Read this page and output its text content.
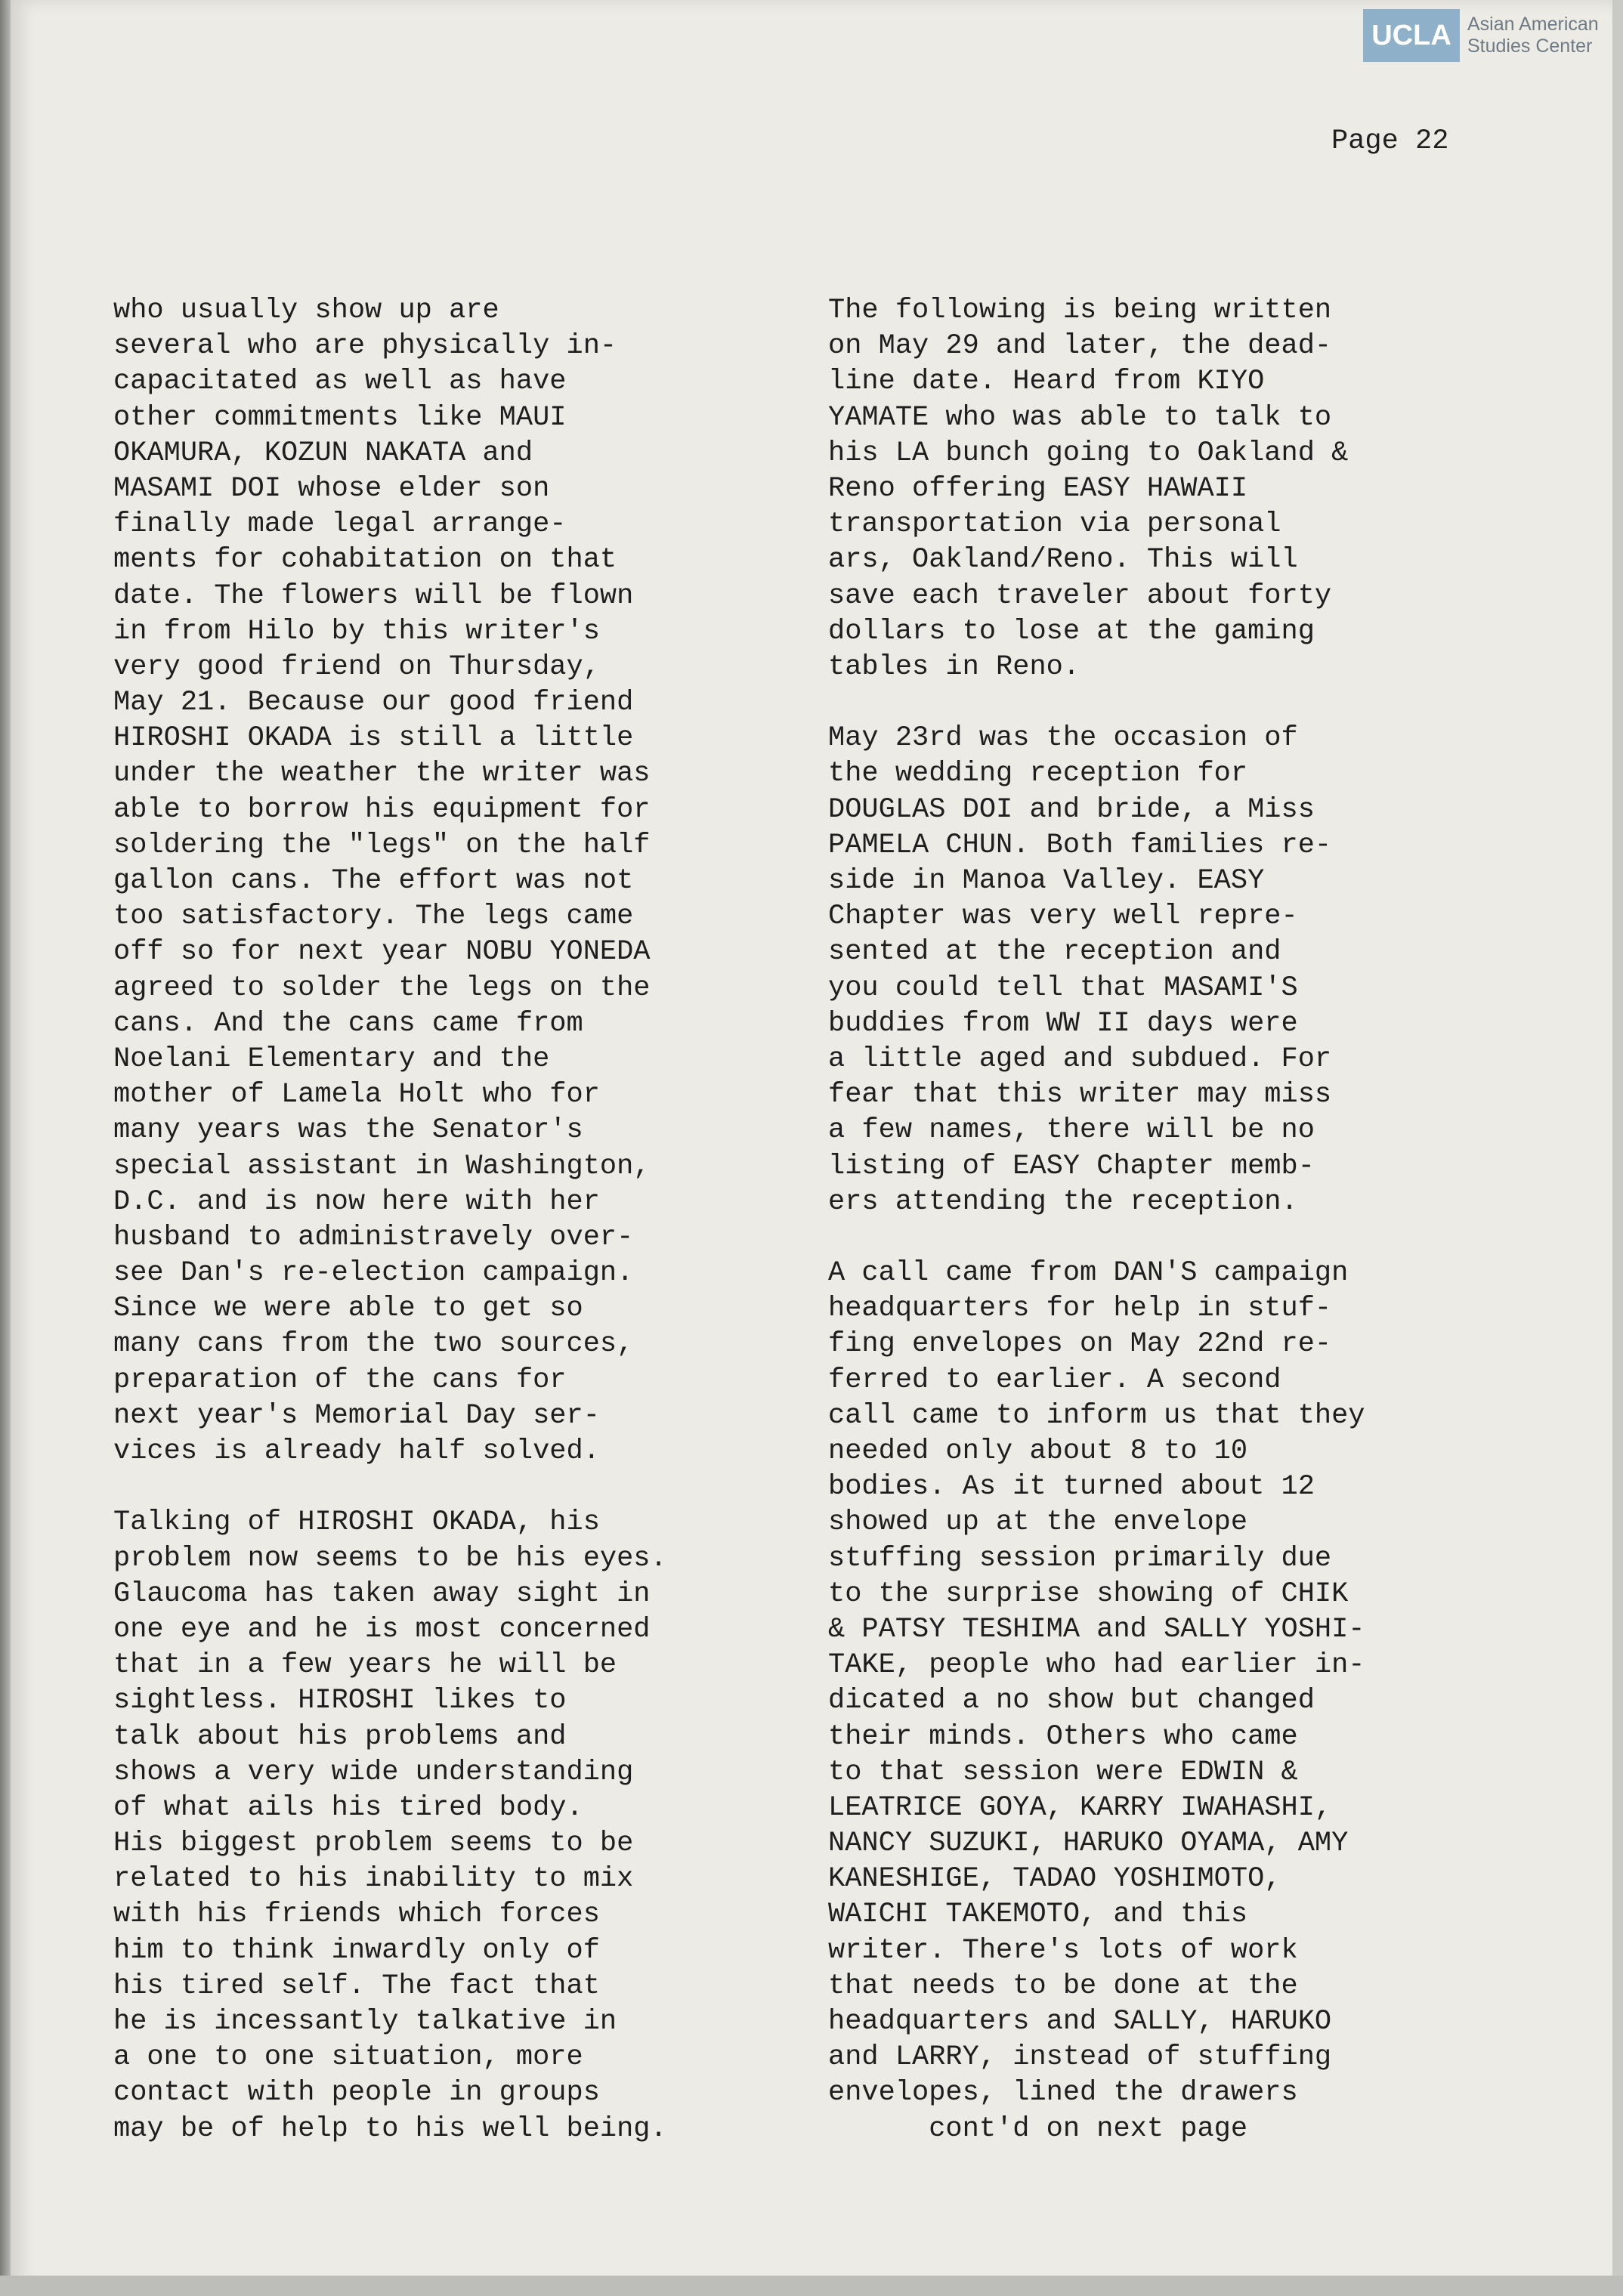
UCLA Asian American
Studies Center
Page 22
who usually show up are
several who are physically in-
capacitated as well as have
other commitments like MAUI
OKAMURA, KOZUN NAKATA and
MASAMI DOI whose elder son
finally made legal arrange-
ments for cohabitation on that
date. The flowers will be flown
in from Hilo by this writer's
very good friend on Thursday,
May 21. Because our good friend
HIROSHI OKADA is still a little
under the weather the writer was
able to borrow his equipment for
soldering the "legs" on the half
gallon cans. The effort was not
too satisfactory. The legs came
off so for next year NOBU YONEDA
agreed to solder the legs on the
cans. And the cans came from
Noelani Elementary and the
mother of Lamela Holt who for
many years was the Senator's
special assistant in Washington,
D.C. and is now here with her
husband to administravely over-
see Dan's re-election campaign.
Since we were able to get so
many cans from the two sources,
preparation of the cans for
next year's Memorial Day ser-
vices is already half solved.
Talking of HIROSHI OKADA, his
problem now seems to be his eyes.
Glaucoma has taken away sight in
one eye and he is most concerned
that in a few years he will be
sightless. HIROSHI likes to
talk about his problems and
shows a very wide understanding
of what ails his tired body.
His biggest problem seems to be
related to his inability to mix
with his friends which forces
him to think inwardly only of
his tired self. The fact that
he is incessantly talkative in
a one to one situation, more
contact with people in groups
may be of help to his well being.
The following is being written
on May 29 and later, the dead-
line date. Heard from KIYO
YAMATE who was able to talk to
his LA bunch going to Oakland &
Reno offering EASY HAWAII
transportation via personal
ars, Oakland/Reno. This will
save each traveler about forty
dollars to lose at the gaming
tables in Reno.
May 23rd was the occasion of
the wedding reception for
DOUGLAS DOI and bride, a Miss
PAMELA CHUN. Both families re-
side in Manoa Valley. EASY
Chapter was very well repre-
sented at the reception and
you could tell that MASAMI'S
buddies from WW II days were
a little aged and subdued. For
fear that this writer may miss
a few names, there will be no
listing of EASY Chapter memb-
ers attending the reception.
A call came from DAN'S campaign
headquarters for help in stuf-
fing envelopes on May 22nd re-
ferred to earlier. A second
call came to inform us that they
needed only about 8 to 10
bodies. As it turned about 12
showed up at the envelope
stuffing session primarily due
to the surprise showing of CHIK
& PATSY TESHIMA and SALLY YOSHI-
TAKE, people who had earlier in-
dicated a no show but changed
their minds. Others who came
to that session were EDWIN &
LEATRICE GOYA, KARRY IWAHASHI,
NANCY SUZUKI, HARUKO OYAMA, AMY
KANESHIGE, TADAO YOSHIMOTO,
WAICHI TAKEMOTO, and this
writer. There's lots of work
that needs to be done at the
headquarters and SALLY, HARUKO
and LARRY, instead of stuffing
envelopes, lined the drawers
cont'd on next page
